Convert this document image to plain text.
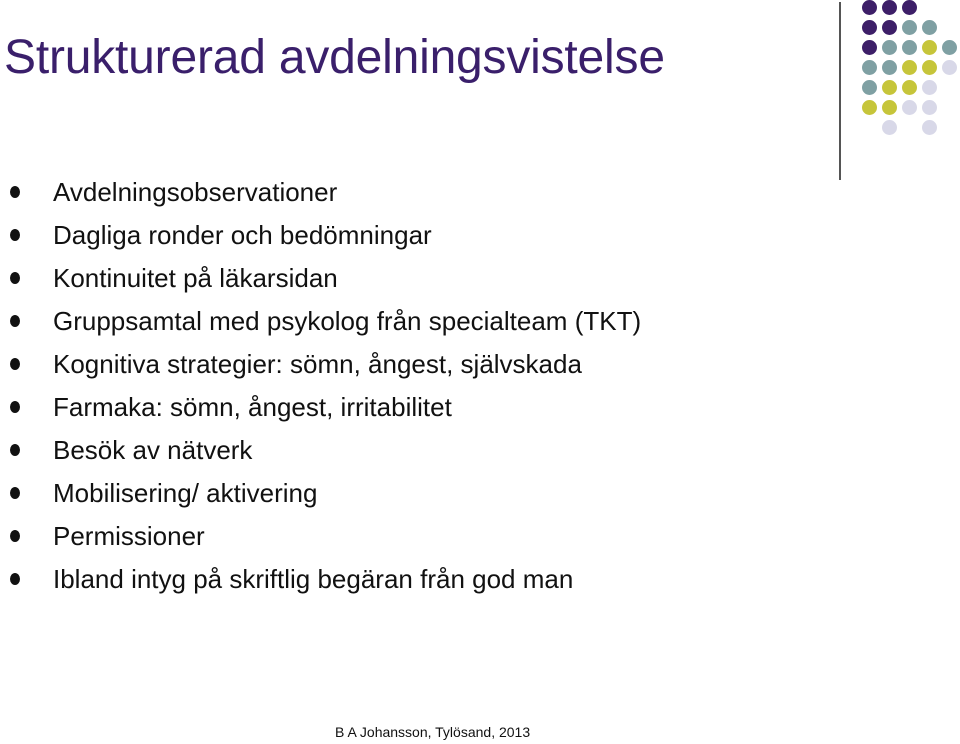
Strukturerad avdelningsvistelse
Avdelningsobservationer
Dagliga ronder och bedömningar
Kontinuitet på läkarsidan
Gruppsamtal med psykolog från specialteam (TKT)
Kognitiva strategier: sömn, ångest, självskada
Farmaka: sömn, ångest, irritabilitet
Besök av nätverk
Mobilisering/ aktivering
Permissioner
Ibland intyg på skriftlig begäran från god man
B A Johansson, Tylösand, 2013
